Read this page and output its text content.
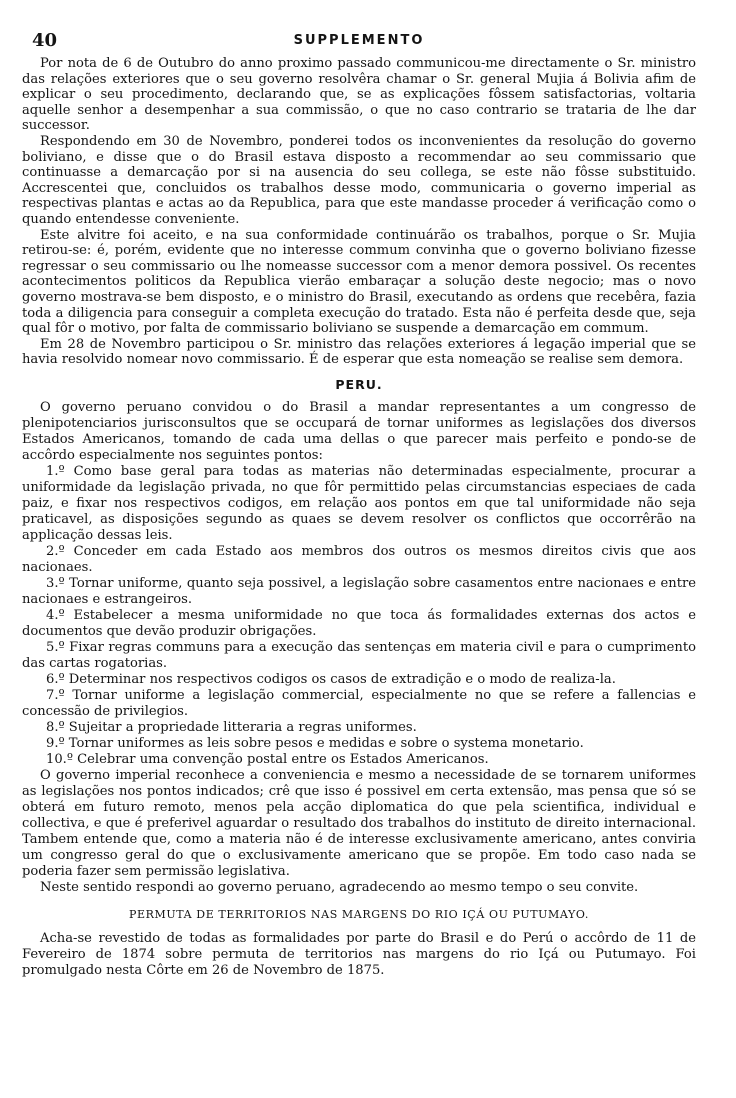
40	SUPPLEMENTO

Por nota de 6 de Outubro do anno proximo passado communicou-me directamente o Sr. ministro das relações exteriores que o seu governo resolvêra chamar o Sr. general Mujia á Bolivia afim de explicar o seu procedimento, declarando que, se as explicações fôssem satisfactorias, voltaria aquelle senhor a desempenhar a sua commissão, o que no caso contrario se trataria de lhe dar successor.

Respondendo em 30 de Novembro, ponderei todos os inconvenientes da resolução do governo boliviano, e disse que o do Brasil estava disposto a recommendar ao seu commissario que continuasse a demarcação por si na ausencia do seu collega, se este não fôsse substituido. Accrescentei que, concluidos os trabalhos desse modo, communicaria o governo imperial as respectivas plantas e actas ao da Republica, para que este mandasse proceder á verificação como o quando entendesse conveniente.

Este alvitre foi aceito, e na sua conformidade continuárão os trabalhos, porque o Sr. Mujia retirou-se: é, porém, evidente que no interesse commum convinha que o governo boliviano fizesse regressar o seu commissario ou lhe nomeasse successor com a menor demora possivel. Os recentes acontecimentos politicos da Republica vierão embaraçar a solução deste negocio; mas o novo governo mostrava-se bem disposto, e o ministro do Brasil, executando as ordens que recebêra, fazia toda a diligencia para conseguir a completa execução do tratado. Esta não é perfeita desde que, seja qual fôr o motivo, por falta de commissario boliviano se suspende a demarcação em commum.

Em 28 de Novembro participou o Sr. ministro das relações exteriores á legação imperial que se havia resolvido nomear novo commissario. É de esperar que esta nomeação se realise sem demora.

PERU.

O governo peruano convidou o do Brasil a mandar representantes a um congresso de plenipotenciarios jurisconsultos que se occupará de tornar uniformes as legislações dos diversos Estados Americanos, tomando de cada uma dellas o que parecer mais perfeito e pondo-se de accôrdo especialmente nos seguintes pontos:

1.º Como base geral para todas as materias não determinadas especialmente, procurar a uniformidade da legislação privada, no que fôr permittido pelas circumstancias especiaes de cada paiz, e fixar nos respectivos codigos, em relação aos pontos em que tal uniformidade não seja praticavel, as disposições segundo as quaes se devem resolver os conflictos que occorrêrão na applicação dessas leis.

2.º Conceder em cada Estado aos membros dos outros os mesmos direitos civis que aos nacionaes.

3.º Tornar uniforme, quanto seja possivel, a legislação sobre casamentos entre nacionaes e entre nacionaes e estrangeiros.

4.º Estabelecer a mesma uniformidade no que toca ás formalidades externas dos actos e documentos que devão produzir obrigações.

5.º Fixar regras communs para a execução das sentenças em materia civil e para o cumprimento das cartas rogatorias.

6.º Determinar nos respectivos codigos os casos de extradição e o modo de realiza-la.

7.º Tornar uniforme a legislação commercial, especialmente no que se refere a fallencias e concessão de privilegios.

8.º Sujeitar a propriedade litteraria a regras uniformes.

9.º Tornar uniformes as leis sobre pesos e medidas e sobre o systema monetario.

10.º Celebrar uma convenção postal entre os Estados Americanos.

O governo imperial reconhece a conveniencia e mesmo a necessidade de se tornarem uniformes as legislações nos pontos indicados; crê que isso é possivel em certa extensão, mas pensa que só se obterá em futuro remoto, menos pela acção diplomatica do que pela scientifica, individual e collectiva, e que é preferivel aguardar o resultado dos trabalhos do instituto de direito internacional. Tambem entende que, como a materia não é de interesse exclusivamente americano, antes conviria um congresso geral do que o exclusivamente americano que se propõe. Em todo caso nada se poderia fazer sem permissão legislativa.

Neste sentido respondi ao governo peruano, agradecendo ao mesmo tempo o seu convite.

PERMUTA DE TERRITORIOS NAS MARGENS DO RIO IÇÁ OU PUTUMAYO.

Acha-se revestido de todas as formalidades por parte do Brasil e do Perú o accôrdo de 11 de Fevereiro de 1874 sobre permuta de territorios nas margens do rio Içá ou Putumayo. Foi promulgado nesta Côrte em 26 de Novembro de 1875.
